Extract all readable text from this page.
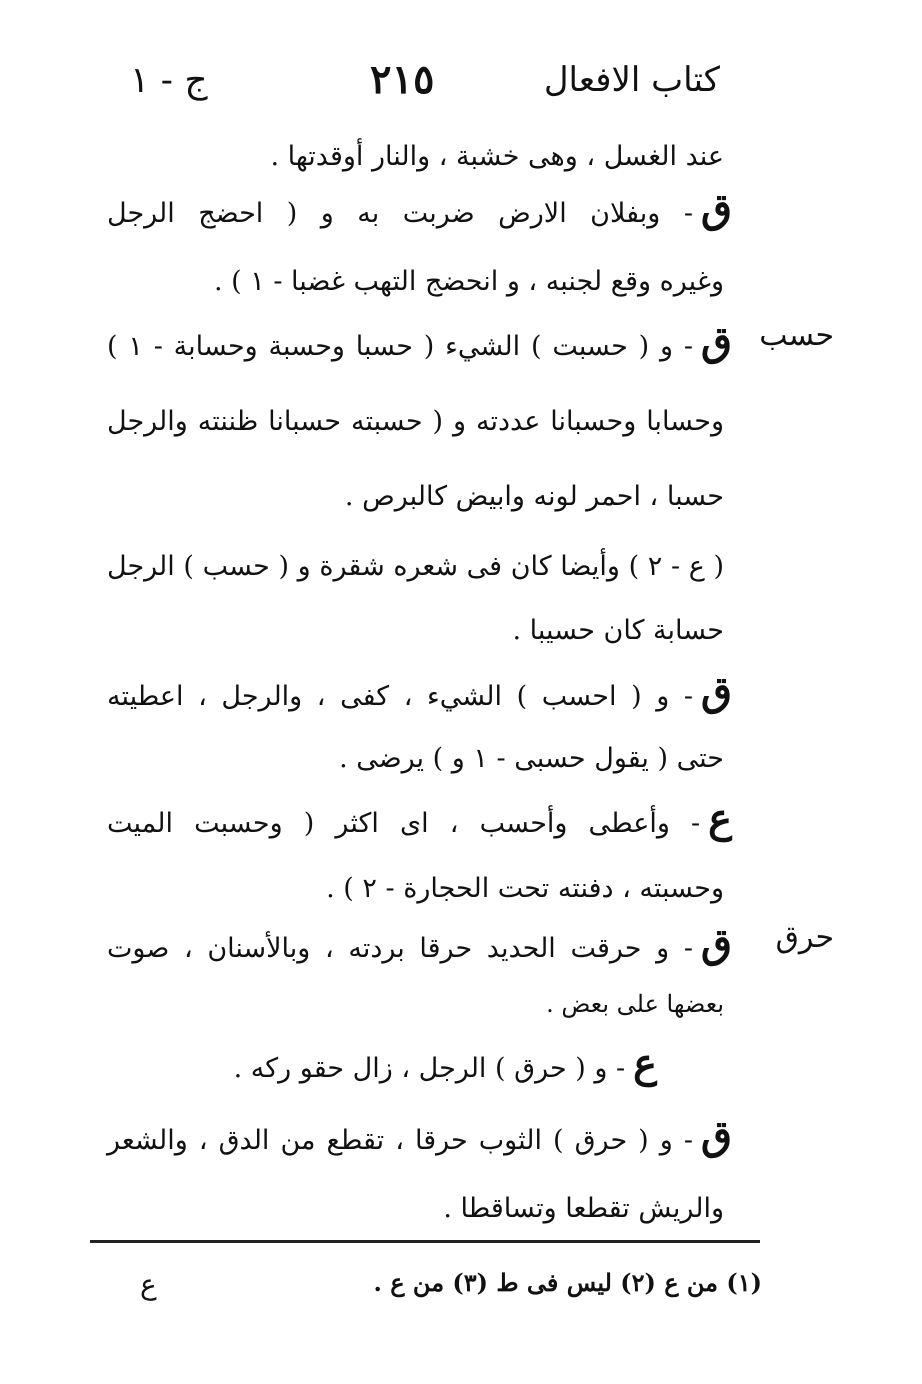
كتاب الافعال
٢١٥
ج - ١
حسب
حرق
عند الغسل ، وهى خشبة ، والنار أوقدتها .
ق- وبفلان الارض ضربت به و ( احضج الرجل
وغيره وقع لجنبه ، و انحضج التهب غضبا - ١ ) .
ق- و ( حسبت ) الشيء ( حسبا وحسبة وحسابة - ١ )
وحسابا وحسبانا عددته و ( حسبته حسبانا ظننته والرجل
حسبا ، احمر لونه وابيض كالبرص .
( ع - ٢ ) وأيضا كان فى شعره شقرة و ( حسب ) الرجل
حسابة كان حسيبا .
ق- و ( احسب ) الشيء ، كفى ، والرجل ، اعطيته
حتى ( يقول حسبى - ١ و ) يرضى .
ع- وأعطى وأحسب ، اى اكثر ( وحسبت الميت
وحسبته ، دفنته تحت الحجارة - ٢ ) .
ق- و حرقت الحديد حرقا بردته ، وبالأسنان ، صوت
بعضها على بعض .
ع- و ( حرق ) الرجل ، زال حقو ركه .
ق- و ( حرق ) الثوب حرقا ، تقطع من الدق ، والشعر
والريش تقطعا وتساقطا .
(١) من ع (٢) ليس فى ط (٣) من ع .
ع
